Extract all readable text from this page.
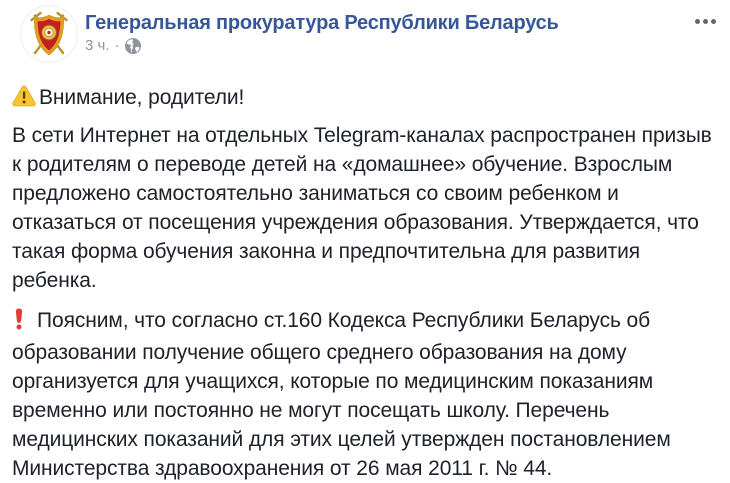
Генеральная прокуратура Республики Беларусь
3 ч. ·

Внимание, родители!

В сети Интернет на отдельных Telegram-каналах распространен призыв к родителям о переводе детей на «домашнее» обучение. Взрослым предложено самостоятельно заниматься со своим ребенком и отказаться от посещения учреждения образования. Утверждается, что такая форма обучения законна и предпочтительна для развития ребенка.

Поясним, что согласно ст.160 Кодекса Республики Беларусь об образовании получение общего среднего образования на дому организуется для учащихся, которые по медицинским показаниям временно или постоянно не могут посещать школу. Перечень медицинских показаний для этих целей утвержден постановлением Министерства здравоохранения от 26 мая 2011 г. № 44.
